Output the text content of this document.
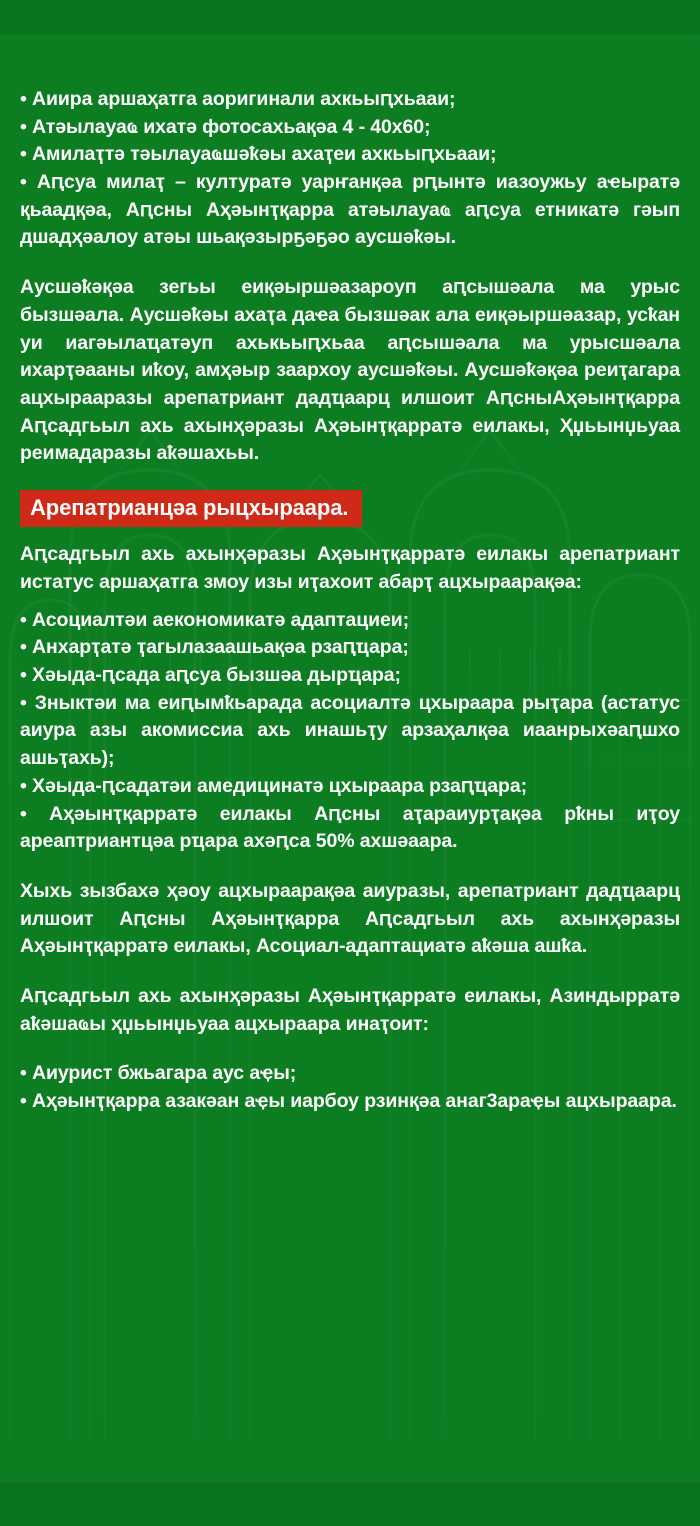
• Аиира аршаҳатга аоригинали ахкьыԥхьааи;

• Атәылауаҩ ихатә фотосахьақәа 4 - 40х60;

• Амилаҭтә тәылауаҩшәҟәы ахаҭеи ахкьыԥхьааи;

• Аԥсуа милаҭ – културатә уарҥанқәа рԥынтә иазоужьу аҽырaтә қьаадқәа, Аԥсны Аҳәынҭқарра атәылауаҩ аԥсуа етникатә гәып дшадҳәалоу атәы шьақәзырҕәҕәо аусшәҟәы.

Аусшәҟәқәа зегьы еиқәыршәазароуп аԥсышәала ма урыс бызшәала. Аусшәҟәы ахаҭа даҽа бызшәак ала еиқәыршәазар, усҟан уи иагәылаҵатәуп ахькьыԥхьаа аԥсышәала ма урысшәала ихарҭәааны иҟоу, амҳәыр заархоу аусшәҟәы. Аусшәҟәқәа реиҭагара ацхырааразы арепатриант дадҵаарц илшоит АԥсныАҳәынҭқарра Аԥсадгьыл ахь ахынҳәразы Аҳәынҭқарратә еилакы, Ҳџьынџьуаа реимадаразы аҟәшахьы.

Арепатрианцәа рыцхыраара.

Аԥсадгьыл ахь ахынҳәразы Аҳәынҭқарратә еилакы арепатриант истатус аршаҳатга змоу изы иҭахоит абарҭ ацхыраарақәа:

• Асоциалтәи аекономикатә адаптациеи;

• Анхарҭатә ҭагылазаашьақәа рзаԥҵара;

• Хәыда-ԥсада аԥсуа бызшәа дырҵара;

• Зныктәи ма еиԥымҟьарада асоциалтә цхыраара рыҭара (астатус аиура азы акомиссиа ахь инашьҭу арзаҳалқәа иаанрыхәаԥшхо ашьҭахь);

• Хәыда-ԥсадатәи амедицинатә цхыраара рзаԥҵара;

• Аҳәынҭқарратә еилакы Аԥсны аҭараиурҭақәа рҟны иҭоу ареаптриантцәа рҵара ахәԥса 50% ахшәаара.

Хыхь зызбахә ҳәоу ацхыраарақәа аиуразы, арепатриант дадҵаарц илшоит Аԥсны Аҳәынҭқарра Аԥсадгьыл ахь ахынҳәразы Аҳәынҭқарратә еилакы, Асоциал-адаптациатә аҟәша ашҟа.

Аԥсадгьыл ахь ахынҳәразы Аҳәынҭқарратә еилакы, Азиндырратә аҟәшаҩы ҳџьынџьуаа ацхыраара инаҭоит:

• Аиурист бжьагара аус аҿы;

• Аҳәынҭқарра азакәан аҿы иарбоу рзинқәа анаг3араҿы ацхыраара.
